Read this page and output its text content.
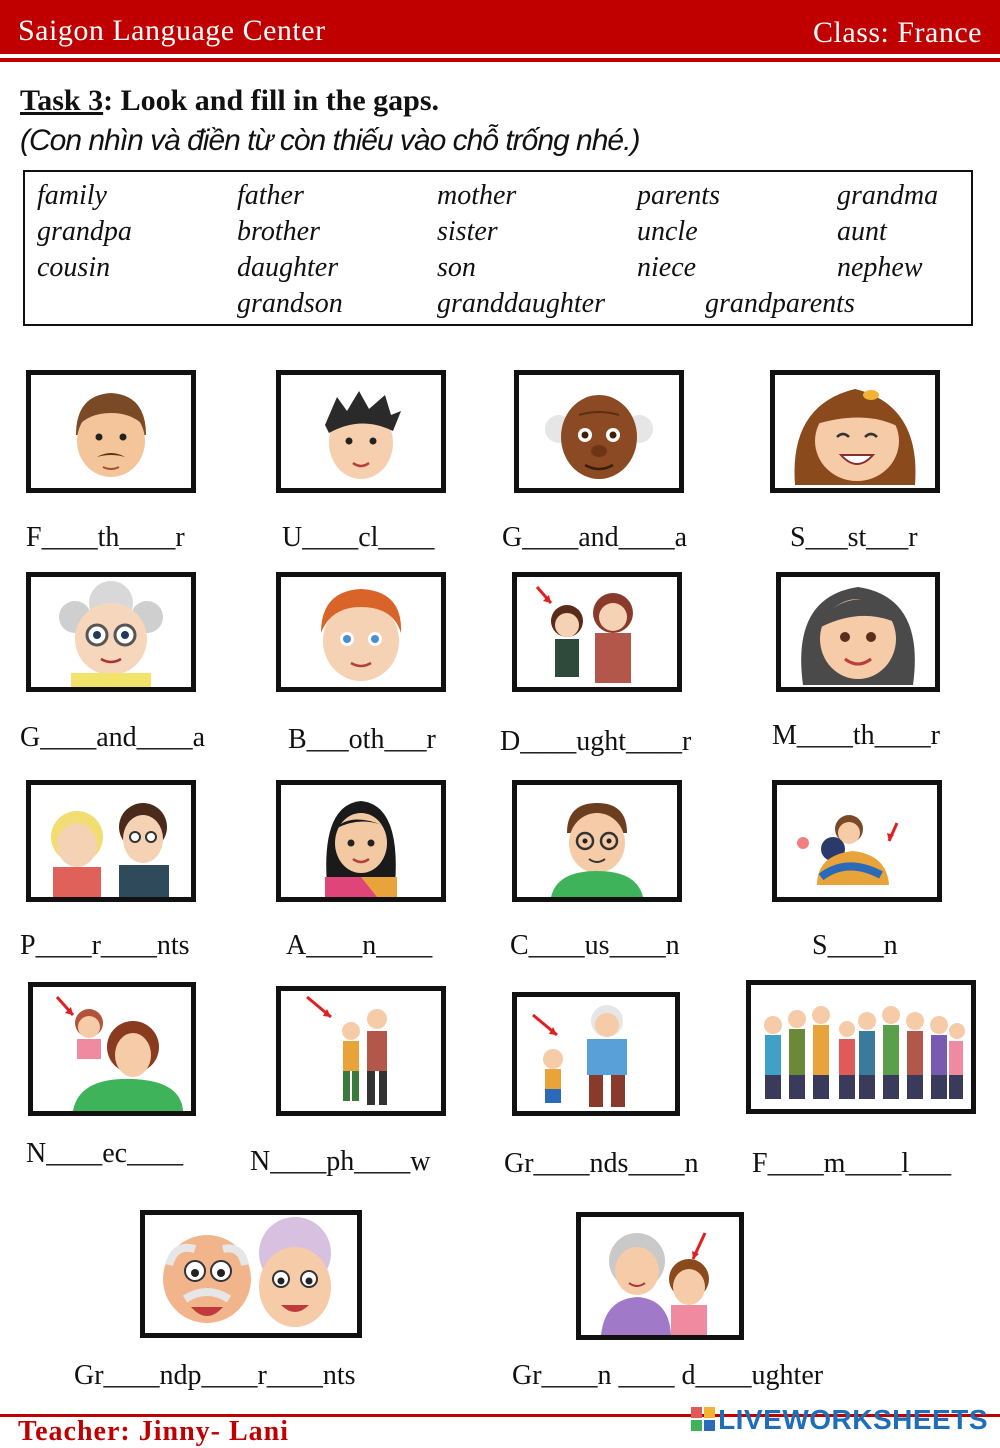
Saigon Language Center	Class: France
Task 3: Look and fill in the gaps.
(Con nhìn và điền từ còn thiếu vào chỗ trống nhé.)
family	father	mother	parents	grandma
grandpa	brother	sister	uncle	aunt
cousin	daughter	son	niece	nephew
grandson	granddaughter	grandparents
F____th____r	U____cl____ G____and____a	S___st___r
G____and____a	B___oth___r D____ught____r	M____th____r
P____r____nts	A____n____	C____us____n	S____n
N____ec____ N____ph____w	Gr____nds____n F____m____l___
Gr____ndp____r____nts	Gr____n ____ d____ughter
Teacher: Jinny- Lani	LIVEWORKSHEETS
